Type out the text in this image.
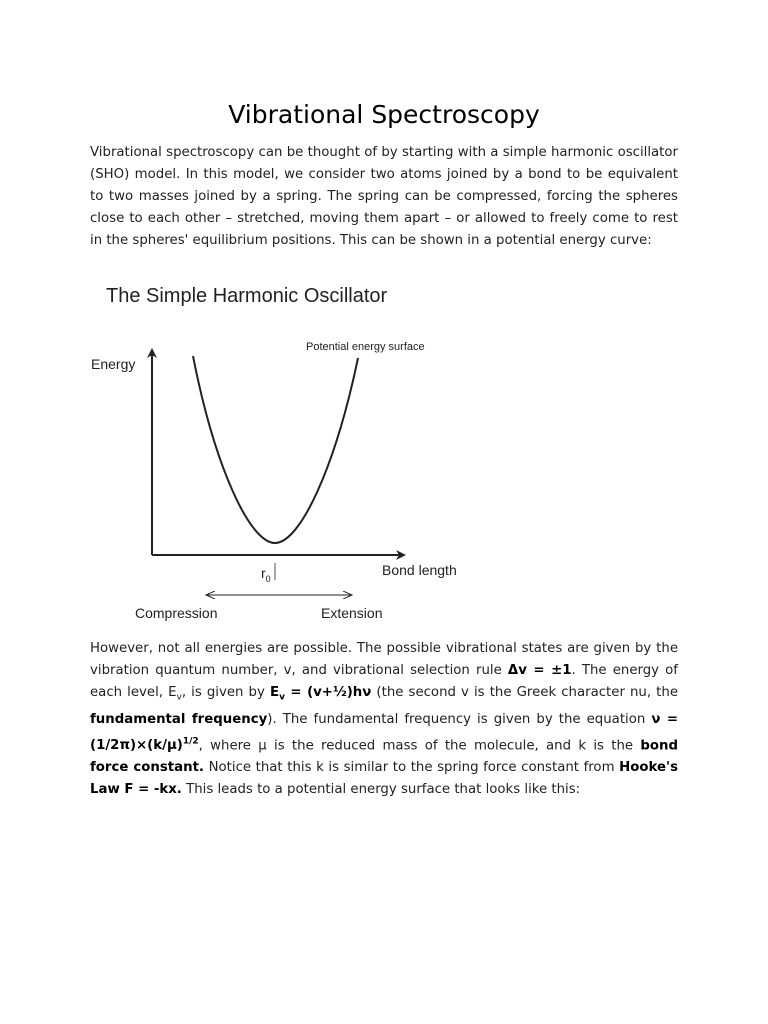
Vibrational Spectroscopy

Vibrational spectroscopy can be thought of by starting with a simple harmonic oscillator (SHO) model. In this model, we consider two atoms joined by a bond to be equivalent to two masses joined by a spring. The spring can be compressed, forcing the spheres close to each other – stretched, moving them apart – or allowed to freely come to rest in the spheres' equilibrium positions. This can be shown in a potential energy curve:

However, not all energies are possible. The possible vibrational states are given by the vibration quantum number, v, and vibrational selection rule Δv = ±1. The energy of each level, $E_v$, is given by $E_v$ = (v+½)hν (the second v is the Greek character nu, the fundamental frequency). The fundamental frequency is given by the equation $\nu = (1/2\pi)\times(k/\mu)^{1/2}$, where μ is the reduced mass of the molecule, and k is the bond force constant. Notice that this k is similar to the spring force constant from Hooke's Law F = -kx. This leads to a potential energy surface that looks like this:

The Simple Harmonic Oscillator
Energy
Bond length
Potential energy surface
$r_0$
Compression	Extension
